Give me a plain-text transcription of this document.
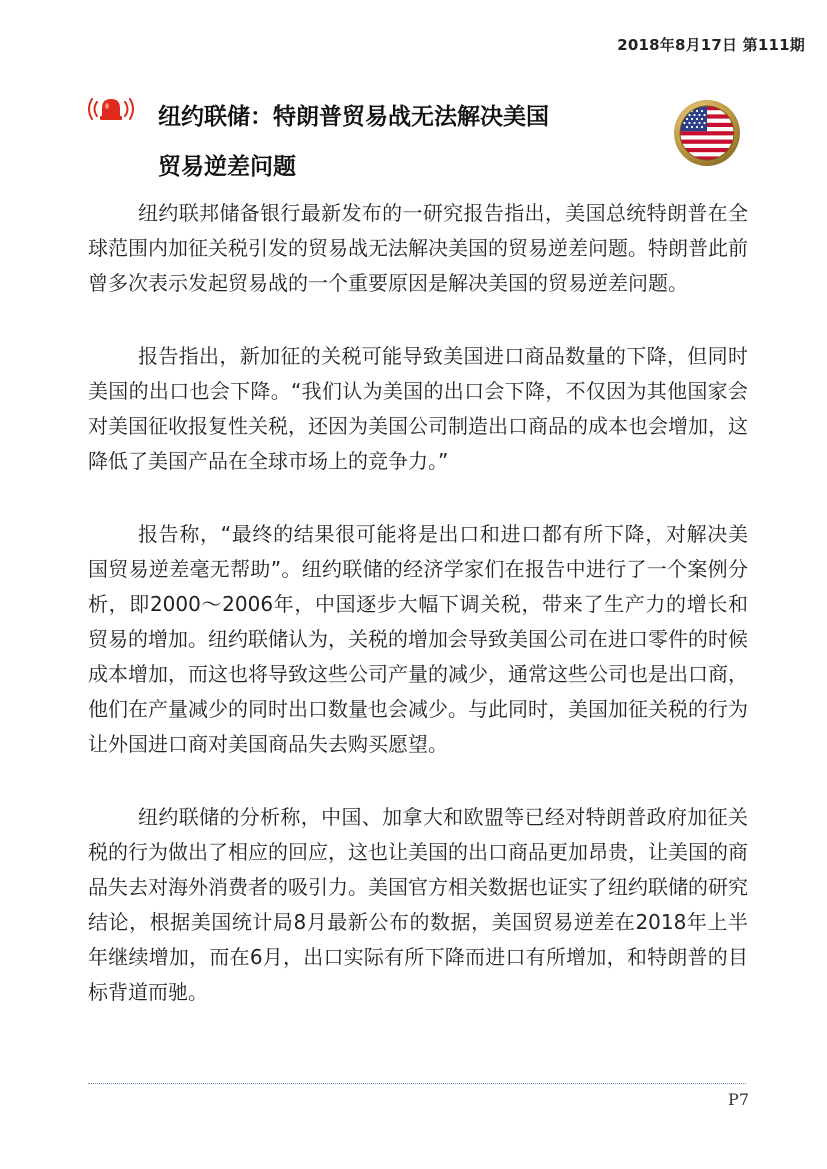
2018年8月17日 第111期
纽约联储：特朗普贸易战无法解决美国
贸易逆差问题

纽约联邦储备银行最新发布的一研究报告指出，美国总统特朗普在全球范围内加征关税引发的贸易战无法解决美国的贸易逆差问题。特朗普此前曾多次表示发起贸易战的一个重要原因是解决美国的贸易逆差问题。

报告指出，新加征的关税可能导致美国进口商品数量的下降，但同时美国的出口也会下降。“我们认为美国的出口会下降，不仅因为其他国家会对美国征收报复性关税，还因为美国公司制造出口商品的成本也会增加，这降低了美国产品在全球市场上的竞争力。”

报告称，“最终的结果很可能将是出口和进口都有所下降，对解决美国贸易逆差毫无帮助”。纽约联储的经济学家们在报告中进行了一个案例分析，即2000～2006年，中国逐步大幅下调关税，带来了生产力的增长和贸易的增加。纽约联储认为，关税的增加会导致美国公司在进口零件的时候成本增加，而这也将导致这些公司产量的减少，通常这些公司也是出口商，他们在产量减少的同时出口数量也会减少。与此同时，美国加征关税的行为让外国进口商对美国商品失去购买愿望。

纽约联储的分析称，中国、加拿大和欧盟等已经对特朗普政府加征关税的行为做出了相应的回应，这也让美国的出口商品更加昂贵，让美国的商品失去对海外消费者的吸引力。美国官方相关数据也证实了纽约联储的研究结论，根据美国统计局8月最新公布的数据，美国贸易逆差在2018年上半年继续增加，而在6月，出口实际有所下降而进口有所增加，和特朗普的目标背道而驰。

P7
